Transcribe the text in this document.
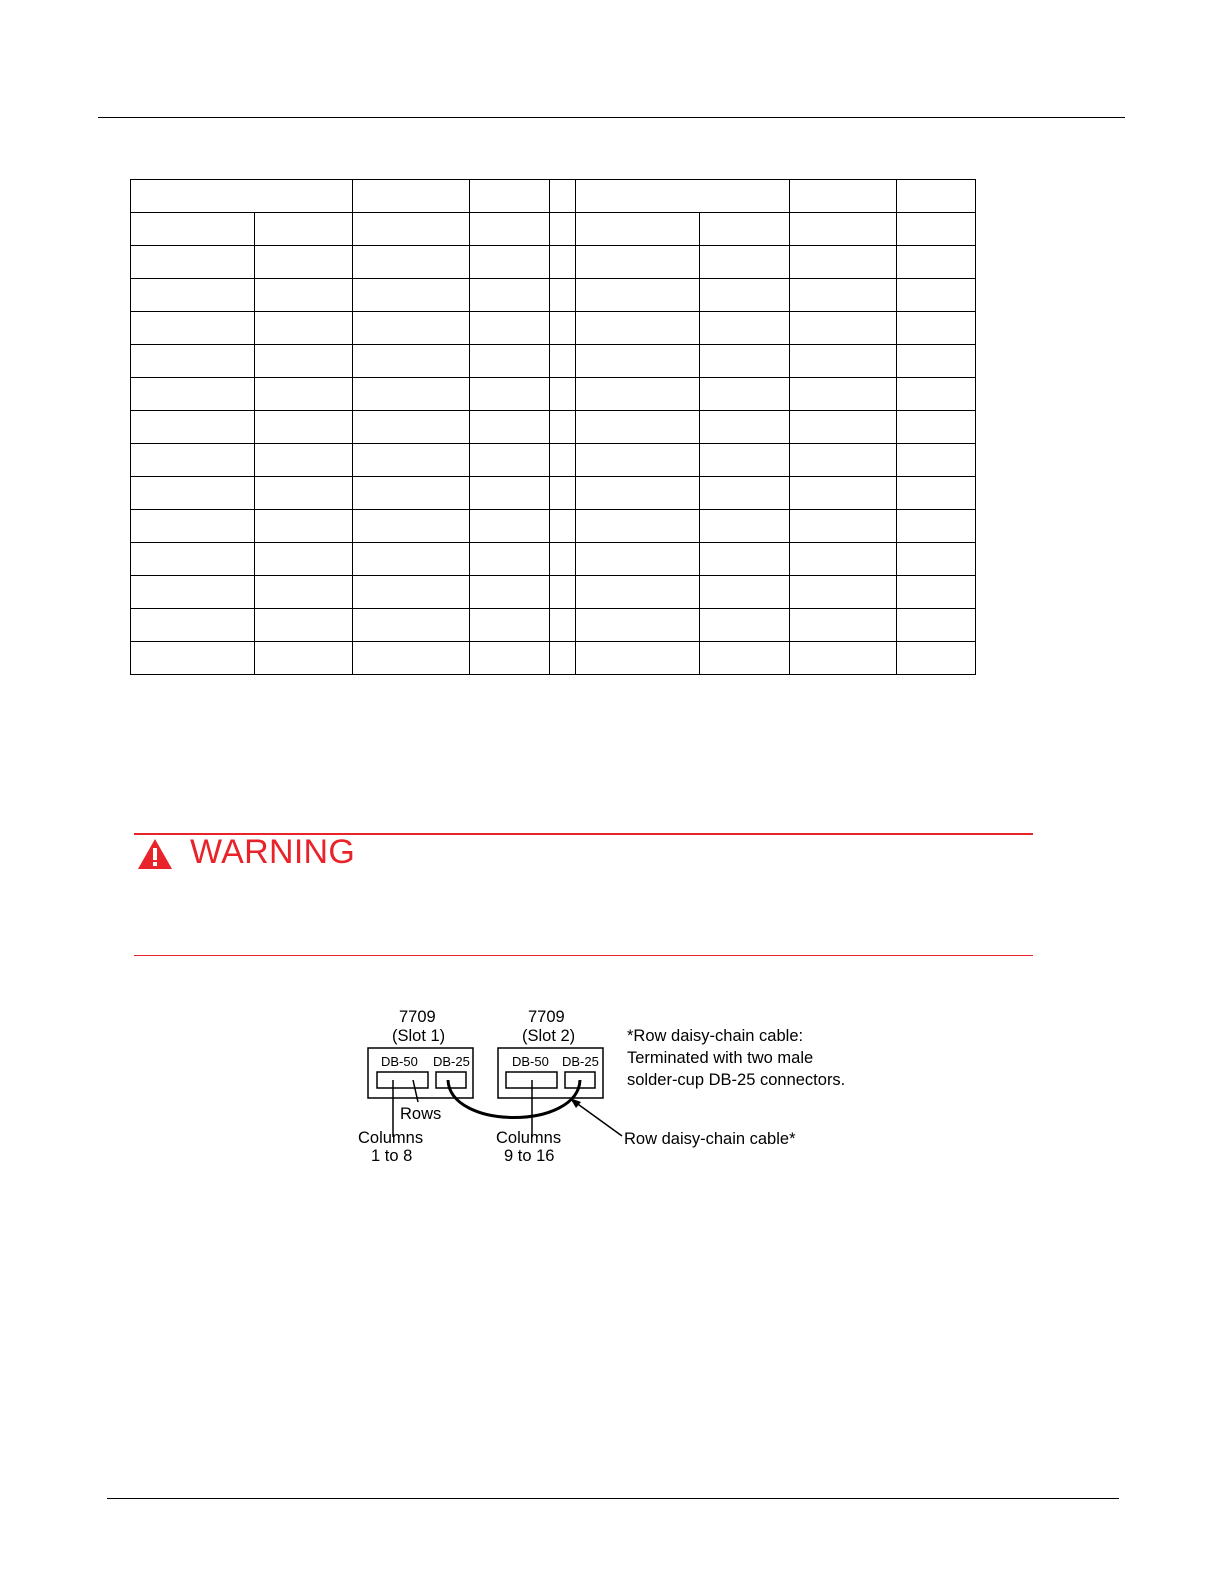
WARNING
7709
(Slot 1)
DB-50 DB-25
7709
(Slot 2)
DB-50 DB-25
Rows
Columns
1 to 8
Columns
9 to 16
Row daisy-chain cable*
*Row daisy-chain cable:
Terminated with two male
solder-cup DB-25 connectors.
